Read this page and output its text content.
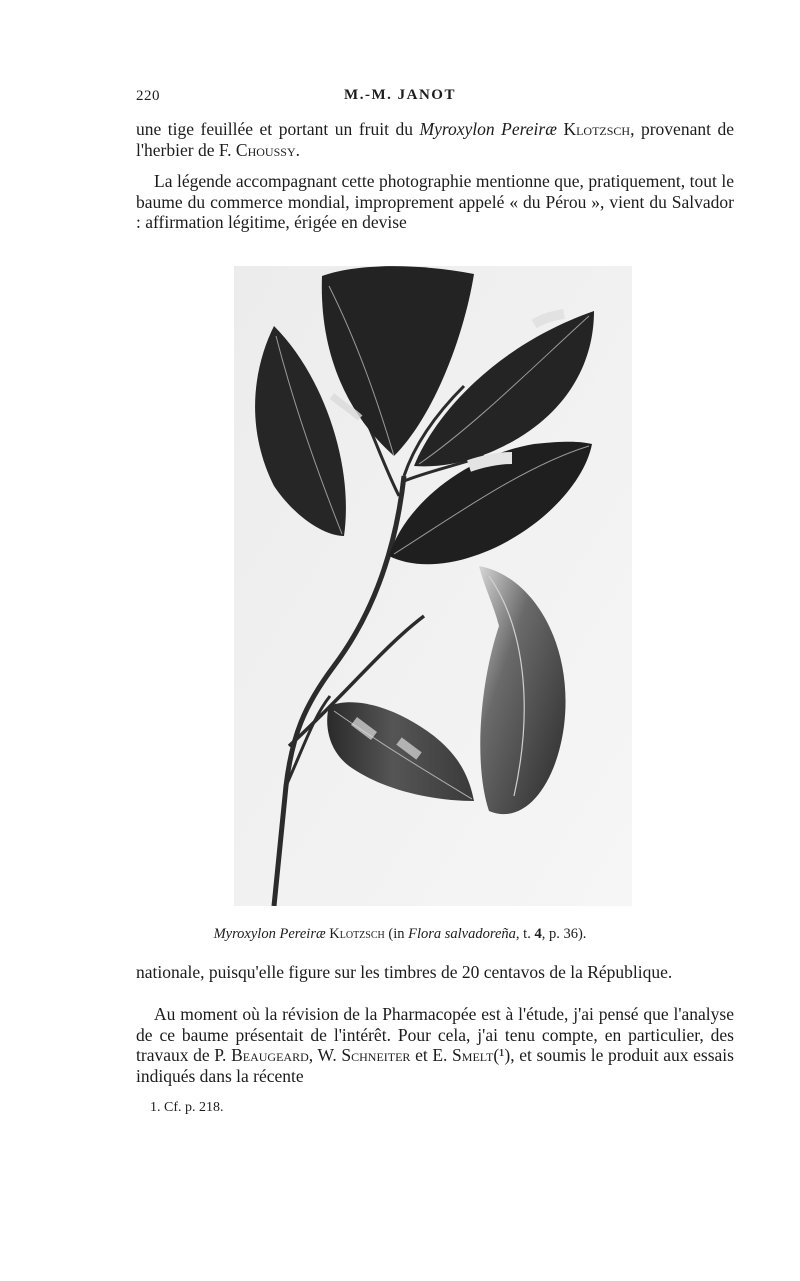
220	M.-M. JANOT

une tige feuillée et portant un fruit du Myroxylon Pereiræ Klotzsch, provenant de l'herbier de F. Choussy.

La légende accompagnant cette photographie mentionne que, pratiquement, tout le baume du commerce mondial, improprement appelé « du Pérou », vient du Salvador : affirmation légitime, érigée en devise

Myroxylon Pereiræ Klotzsch (in Flora salvadoreña, t. 4, p. 36).

nationale, puisqu'elle figure sur les timbres de 20 centavos de la République.

Au moment où la révision de la Pharmacopée est à l'étude, j'ai pensé que l'analyse de ce baume présentait de l'intérêt. Pour cela, j'ai tenu compte, en particulier, des travaux de P. Beaugeard, W. Schneiter et E. Smelt(¹), et soumis le produit aux essais indiqués dans la récente

1. Cf. p. 218.
